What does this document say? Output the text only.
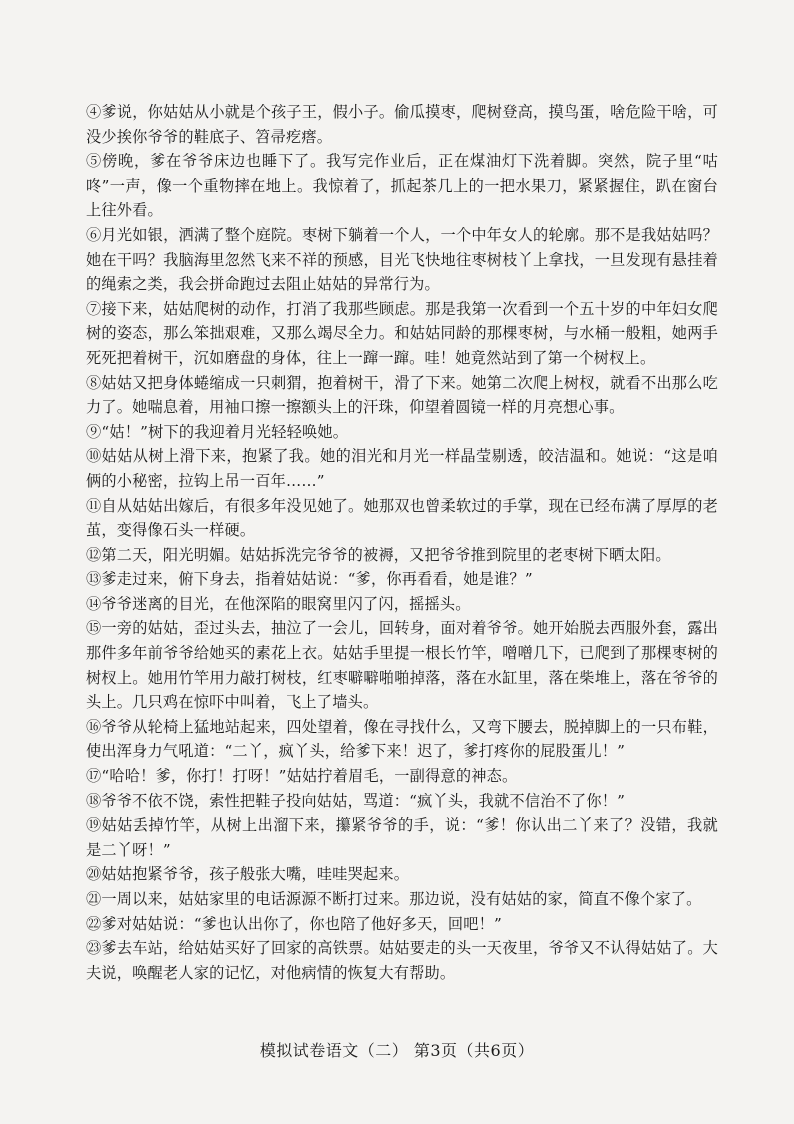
④爹说，你姑姑从小就是个孩子王，假小子。偷瓜摸枣，爬树登高，摸鸟蛋，啥危险干啥，可没少挨你爷爷的鞋底子、笤帚疙瘩。

⑤傍晚，爹在爷爷床边也睡下了。我写完作业后，正在煤油灯下洗着脚。突然，院子里“咕咚”一声，像一个重物摔在地上。我惊着了，抓起茶几上的一把水果刀，紧紧握住，趴在窗台上往外看。

⑥月光如银，洒满了整个庭院。枣树下躺着一个人，一个中年女人的轮廓。那不是我姑姑吗？她在干吗？我脑海里忽然飞来不祥的预感，目光飞快地往枣树枝丫上拿找，一旦发现有悬挂着的绳索之类，我会拼命跑过去阻止姑姑的异常行为。

⑦接下来，姑姑爬树的动作，打消了我那些顾虑。那是我第一次看到一个五十岁的中年妇女爬树的姿态，那么笨拙艰难，又那么竭尽全力。和姑姑同龄的那棵枣树，与水桶一般粗，她两手死死把着树干，沉如磨盘的身体，往上一蹿一蹿。哇！她竟然站到了第一个树杈上。

⑧姑姑又把身体蜷缩成一只刺猬，抱着树干，滑了下来。她第二次爬上树杈，就看不出那么吃力了。她喘息着，用袖口擦一擦额头上的汗珠，仰望着圆镜一样的月亮想心事。

⑨“姑！”树下的我迎着月光轻轻唤她。

⑩姑姑从树上滑下来，抱紧了我。她的泪光和月光一样晶莹剔透，皎洁温和。她说：“这是咱俩的小秘密，拉钩上吊一百年……”

⑪自从姑姑出嫁后，有很多年没见她了。她那双也曾柔软过的手掌，现在已经布满了厚厚的老茧，变得像石头一样硬。

⑫第二天，阳光明媚。姑姑拆洗完爷爷的被褥，又把爷爷推到院里的老枣树下晒太阳。

⑬爹走过来，俯下身去，指着姑姑说：“爹，你再看看，她是谁？”

⑭爷爷迷离的目光，在他深陷的眼窝里闪了闪，摇摇头。

⑮一旁的姑姑，歪过头去，抽泣了一会儿，回转身，面对着爷爷。她开始脱去西服外套，露出那件多年前爷爷给她买的素花上衣。姑姑手里提一根长竹竿，噌噌几下，已爬到了那棵枣树的树杈上。她用竹竿用力敲打树枝，红枣噼噼啪啪掉落，落在水缸里，落在柴堆上，落在爷爷的头上。几只鸡在惊吓中叫着，飞上了墙头。

⑯爷爷从轮椅上猛地站起来，四处望着，像在寻找什么，又弯下腰去，脱掉脚上的一只布鞋，使出浑身力气吼道：“二丫，疯丫头，给爹下来！迟了，爹打疼你的屁股蛋儿！”

⑰“哈哈！爹，你打！打呀！”姑姑拧着眉毛，一副得意的神态。

⑱爷爷不依不饶，索性把鞋子投向姑姑，骂道：“疯丫头，我就不信治不了你！”

⑲姑姑丢掉竹竿，从树上出溜下来，攥紧爷爷的手，说：“爹！你认出二丫来了？没错，我就是二丫呀！”

⑳姑姑抱紧爷爷，孩子般张大嘴，哇哇哭起来。

㉑一周以来，姑姑家里的电话源源不断打过来。那边说，没有姑姑的家，简直不像个家了。

㉒爹对姑姑说：“爹也认出你了，你也陪了他好多天，回吧！”

㉓爹去车站，给姑姑买好了回家的高铁票。姑姑要走的头一天夜里，爷爷又不认得姑姑了。大夫说，唤醒老人家的记忆，对他病情的恢复大有帮助。

模拟试卷语文（二） 第3页（共6页）
